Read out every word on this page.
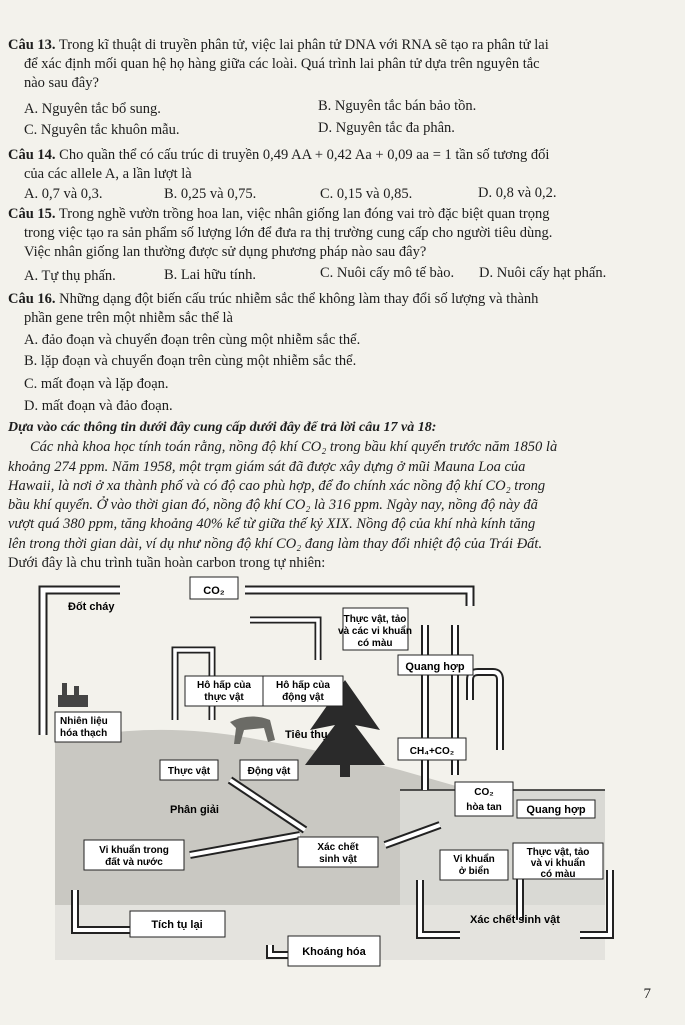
Câu 13. Trong kĩ thuật di truyền phân tử, việc lai phân tử DNA với RNA sẽ tạo ra phân tử lai
để xác định mối quan hệ họ hàng giữa các loài. Quá trình lai phân tử dựa trên nguyên tắc
nào sau đây?
A. Nguyên tắc bổ sung.	B. Nguyên tắc bán bảo tồn.
C. Nguyên tắc khuôn mẫu.	D. Nguyên tắc đa phân.
Câu 14. Cho quần thể có cấu trúc di truyền 0,49 AA + 0,42 Aa + 0,09 aa = 1 tần số tương đối
của các allele A, a lần lượt là
A. 0,7 và 0,3.	B. 0,25 và 0,75.	C. 0,15 và 0,85.	D. 0,8 và 0,2.
Câu 15. Trong nghề vườn trồng hoa lan, việc nhân giống lan đóng vai trò đặc biệt quan trọng
trong việc tạo ra sản phẩm số lượng lớn để đưa ra thị trường cung cấp cho người tiêu dùng.
Việc nhân giống lan thường được sử dụng phương pháp nào sau đây?
A. Tự thụ phấn.	B. Lai hữu tính.	C. Nuôi cấy mô tế bào. D. Nuôi cấy hạt phấn.
Câu 16. Những dạng đột biến cấu trúc nhiễm sắc thể không làm thay đổi số lượng và thành
phần gene trên một nhiễm sắc thể là
A. đảo đoạn và chuyển đoạn trên cùng một nhiễm sắc thể.
B. lặp đoạn và chuyển đoạn trên cùng một nhiễm sắc thể.
C. mất đoạn và lặp đoạn.
D. mất đoạn và đảo đoạn.
Dựa vào các thông tin dưới đây cung cấp dưới đây để trả lời câu 17 và 18:
Các nhà khoa học tính toán rằng, nồng độ khí CO₂ trong bầu khí quyển trước năm 1850 là
khoảng 274 ppm. Năm 1958, một trạm giám sát đã được xây dựng ở mũi Mauna Loa của
Hawaii, là nơi ở xa thành phố và có độ cao phù hợp, để đo chính xác nồng độ khí CO₂ trong
bầu khí quyển. Ở vào thời gian đó, nồng độ khí CO₂ là 316 ppm. Ngày nay, nồng độ này đã
vượt quá 380 ppm, tăng khoảng 40% kể từ giữa thế kỷ XIX. Nồng độ của khí nhà kính tăng
lên trong thời gian dài, ví dụ như nồng độ khí CO₂ đang làm thay đổi nhiệt độ của Trái Đất.
Dưới đây là chu trình tuần hoàn carbon trong tự nhiên:
CO₂
Đốt cháy
Thực vật, tảo
và các vi khuẩn
có màu
Quang hợp
Hô hấp của
thực vật
Hô hấp của
động vật
Nhiên liệu
hóa thạch	Tiêu thụ
CH₄+CO₂
Thực vật	Động vật
CO₂
hòa tan Quang hợp
Phân giải
Vi khuẩn trong
đất và nước
Xác chết
sinh vật	Vi khuẩn
ở biển
Thực vật, tảo
và vi khuẩn
có màu
Tích tụ lại	Xác chết sinh vật
Khoáng hóa
7
